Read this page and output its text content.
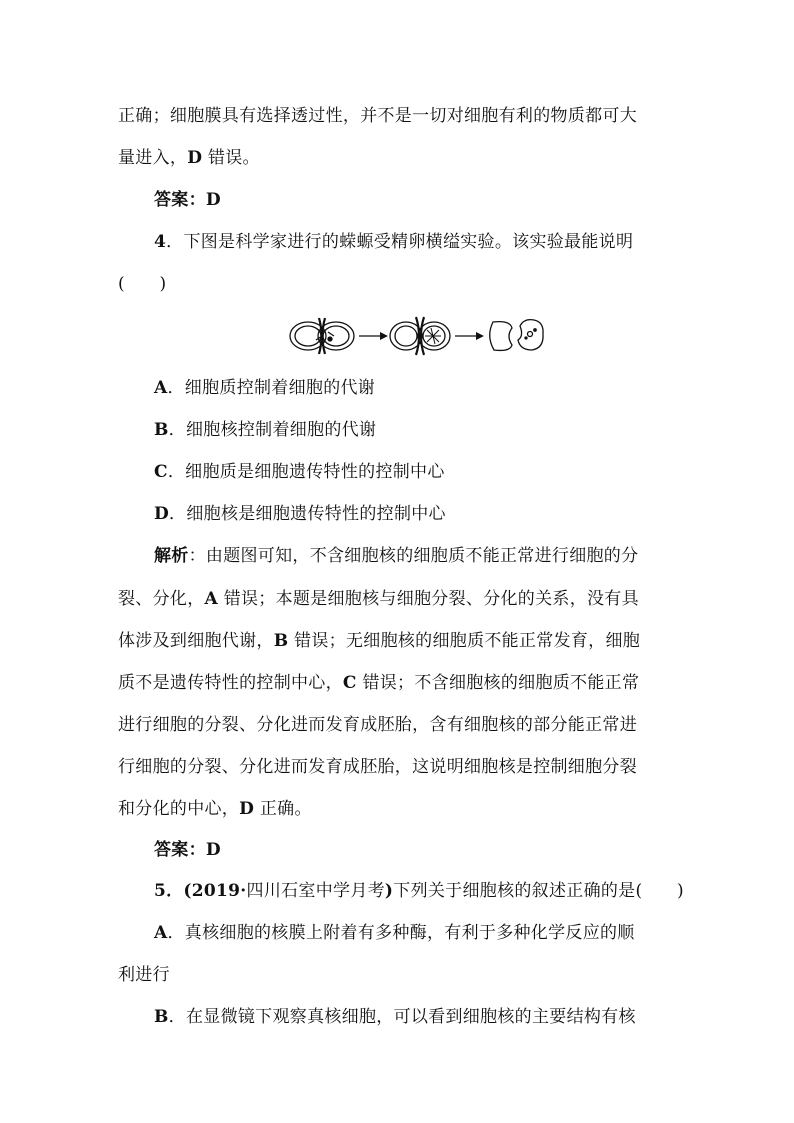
正确；细胞膜具有选择透过性，并不是一切对细胞有利的物质都可大
量进入，D 错误。
答案：D
4．下图是科学家进行的蝾螈受精卵横缢实验。该实验最能说明
(　　)
A．细胞质控制着细胞的代谢
B．细胞核控制着细胞的代谢
C．细胞质是细胞遗传特性的控制中心
D．细胞核是细胞遗传特性的控制中心
解析：由题图可知，不含细胞核的细胞质不能正常进行细胞的分
裂、分化，A 错误；本题是细胞核与细胞分裂、分化的关系，没有具
体涉及到细胞代谢，B 错误；无细胞核的细胞质不能正常发育，细胞
质不是遗传特性的控制中心，C 错误；不含细胞核的细胞质不能正常
进行细胞的分裂、分化进而发育成胚胎，含有细胞核的部分能正常进
行细胞的分裂、分化进而发育成胚胎，这说明细胞核是控制细胞分裂
和分化的中心，D 正确。
答案：D
5．(2019·四川石室中学月考)下列关于细胞核的叙述正确的是(　　)
A．真核细胞的核膜上附着有多种酶，有利于多种化学反应的顺
利进行
B．在显微镜下观察真核细胞，可以看到细胞核的主要结构有核
